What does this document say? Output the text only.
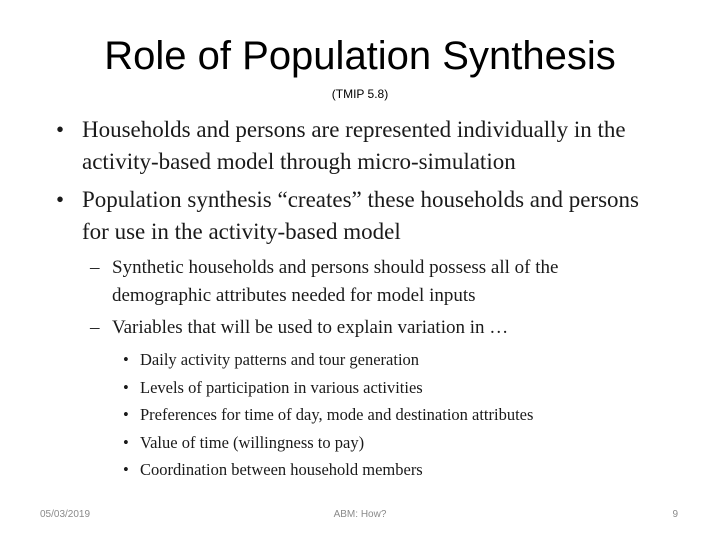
Role of Population Synthesis
(TMIP 5.8)
• Households and persons are represented individually in the activity-based model through micro-simulation
• Population synthesis “creates” these households and persons for use in the activity-based model
– Synthetic households and persons should possess all of the demographic attributes needed for model inputs
– Variables that will be used to explain variation in …
• Daily activity patterns and tour generation
• Levels of participation in various activities
• Preferences for time of day, mode and destination attributes
• Value of time (willingness to pay)
• Coordination between household members
05/03/2019	ABM: How?	9
